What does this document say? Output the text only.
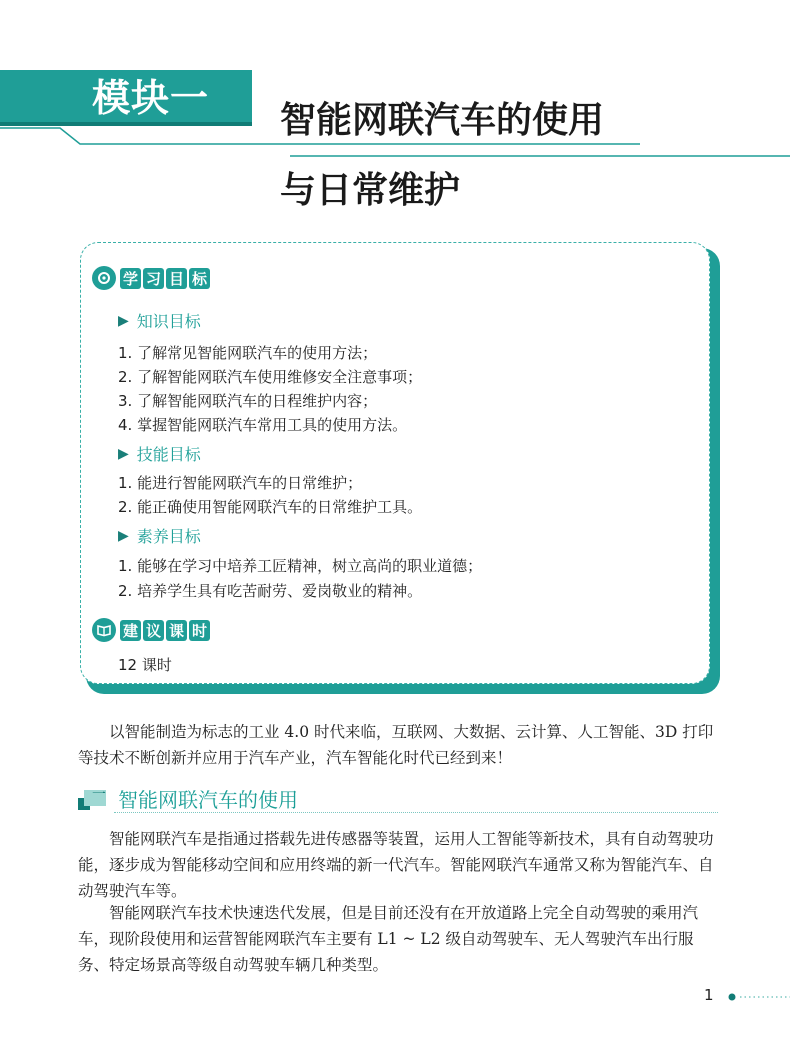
模块一
智能网联汽车的使用
与日常维护
学 习 目 标
▶ 知识目标
1. 了解常见智能网联汽车的使用方法；
2. 了解智能网联汽车使用维修安全注意事项；
3. 了解智能网联汽车的日程维护内容；
4. 掌握智能网联汽车常用工具的使用方法。
▶ 技能目标
1. 能进行智能网联汽车的日常维护；
2. 能正确使用智能网联汽车的日常维护工具。
▶ 素养目标
1. 能够在学习中培养工匠精神，树立高尚的职业道德；
2. 培养学生具有吃苦耐劳、爱岗敬业的精神。
建 议 课 时
12 课时

以智能制造为标志的工业 4.0 时代来临，互联网、大数据、云计算、人工智能、3D 打印等技术不断创新并应用于汽车产业，汽车智能化时代已经到来！

一 智能网联汽车的使用

智能网联汽车是指通过搭载先进传感器等装置，运用人工智能等新技术，具有自动驾驶功能，逐步成为智能移动空间和应用终端的新一代汽车。智能网联汽车通常又称为智能汽车、自动驾驶汽车等。

智能网联汽车技术快速迭代发展，但是目前还没有在开放道路上完全自动驾驶的乘用汽车，现阶段使用和运营智能网联汽车主要有 L1 ~ L2 级自动驾驶车、无人驾驶汽车出行服务、特定场景高等级自动驾驶车辆几种类型。

1
